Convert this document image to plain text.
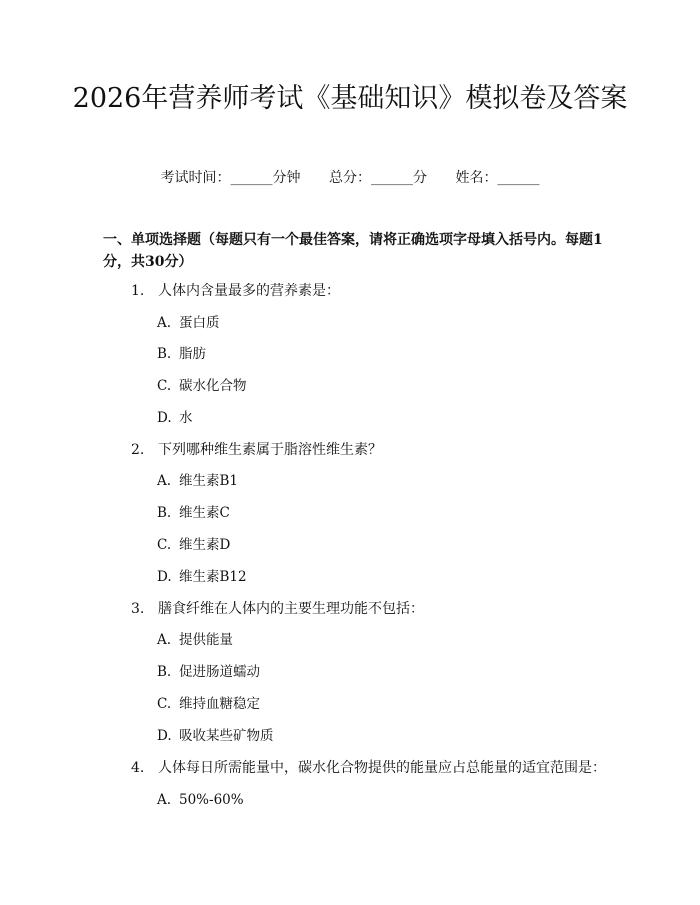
2026年营养师考试《基础知识》模拟卷及答案
考试时间：______分钟 总分：______分 姓名：______

一、单项选择题（每题只有一个最佳答案，请将正确选项字母填入括号内。每题1分，共30分）

1. 人体内含量最多的营养素是：
A. 蛋白质
B. 脂肪
C. 碳水化合物
D. 水
2. 下列哪种维生素属于脂溶性维生素？
A. 维生素B1
B. 维生素C
C. 维生素D
D. 维生素B12
3. 膳食纤维在人体内的主要生理功能不包括：
A. 提供能量
B. 促进肠道蠕动
C. 维持血糖稳定
D. 吸收某些矿物质
4. 人体每日所需能量中，碳水化合物提供的能量应占总能量的适宜范围是：
A. 50%-60%
